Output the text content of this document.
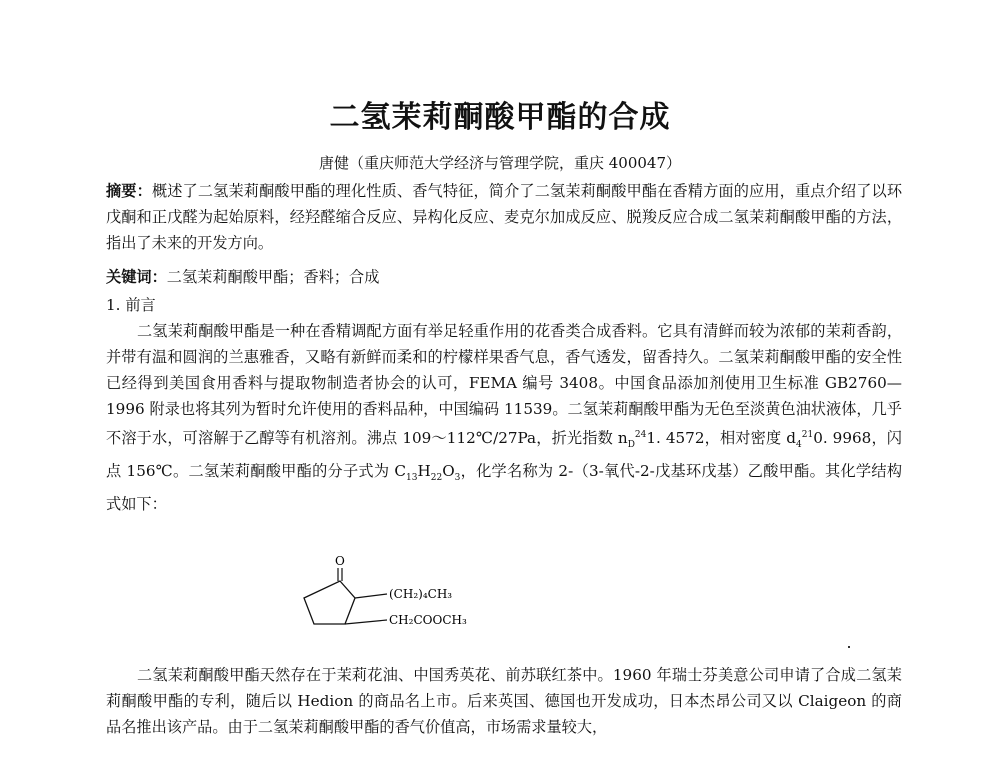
二氢茉莉酮酸甲酯的合成

唐健（重庆师范大学经济与管理学院，重庆 400047）

摘要：概述了二氢茉莉酮酸甲酯的理化性质、香气特征，简介了二氢茉莉酮酸甲酯在香精方面的应用，重点介绍了以环戊酮和正戊醛为起始原料，经羟醛缩合反应、异构化反应、麦克尔加成反应、脱羧反应合成二氢茉莉酮酸甲酯的方法，指出了未来的开发方向。

关键词：二氢茉莉酮酸甲酯；香料；合成

1. 前言

二氢茉莉酮酸甲酯是一种在香精调配方面有举足轻重作用的花香类合成香料。它具有清鲜而较为浓郁的茉莉香韵，并带有温和圆润的兰惠雅香，又略有新鲜而柔和的柠檬样果香气息，香气透发，留香持久。二氢茉莉酮酸甲酯的安全性已经得到美国食用香料与提取物制造者协会的认可，FEMA 编号 3408。中国食品添加剂使用卫生标准 GB2760—1996 附录也将其列为暂时允许使用的香料品种，中国编码 11539。二氢茉莉酮酸甲酯为无色至淡黄色油状液体，几乎不溶于水，可溶解于乙醇等有机溶剂。沸点 109～112℃/27Pa，折光指数 $n_D^{24}1$. 4572，相对密度 $d_4^{21}0$. 9968，闪点 156℃。二氢茉莉酮酸甲酯的分子式为 $C_{13}H_{22}O_3$，化学名称为 2-（3-氧代-2-戊基环戊基）乙酸甲酯。其化学结构式如下：

O
(CH₂)₄CH₃
CH₂COOCH₃

二氢茉莉酮酸甲酯天然存在于茉莉花油、中国秀英花、前苏联红茶中。1960 年瑞士芬美意公司申请了合成二氢茉莉酮酸甲酯的专利，随后以 Hedion 的商品名上市。后来英国、德国也开发成功，日本杰昂公司又以 Claigeon 的商品名推出该产品。由于二氢茉莉酮酸甲酯的香气价值高，市场需求量较大，
